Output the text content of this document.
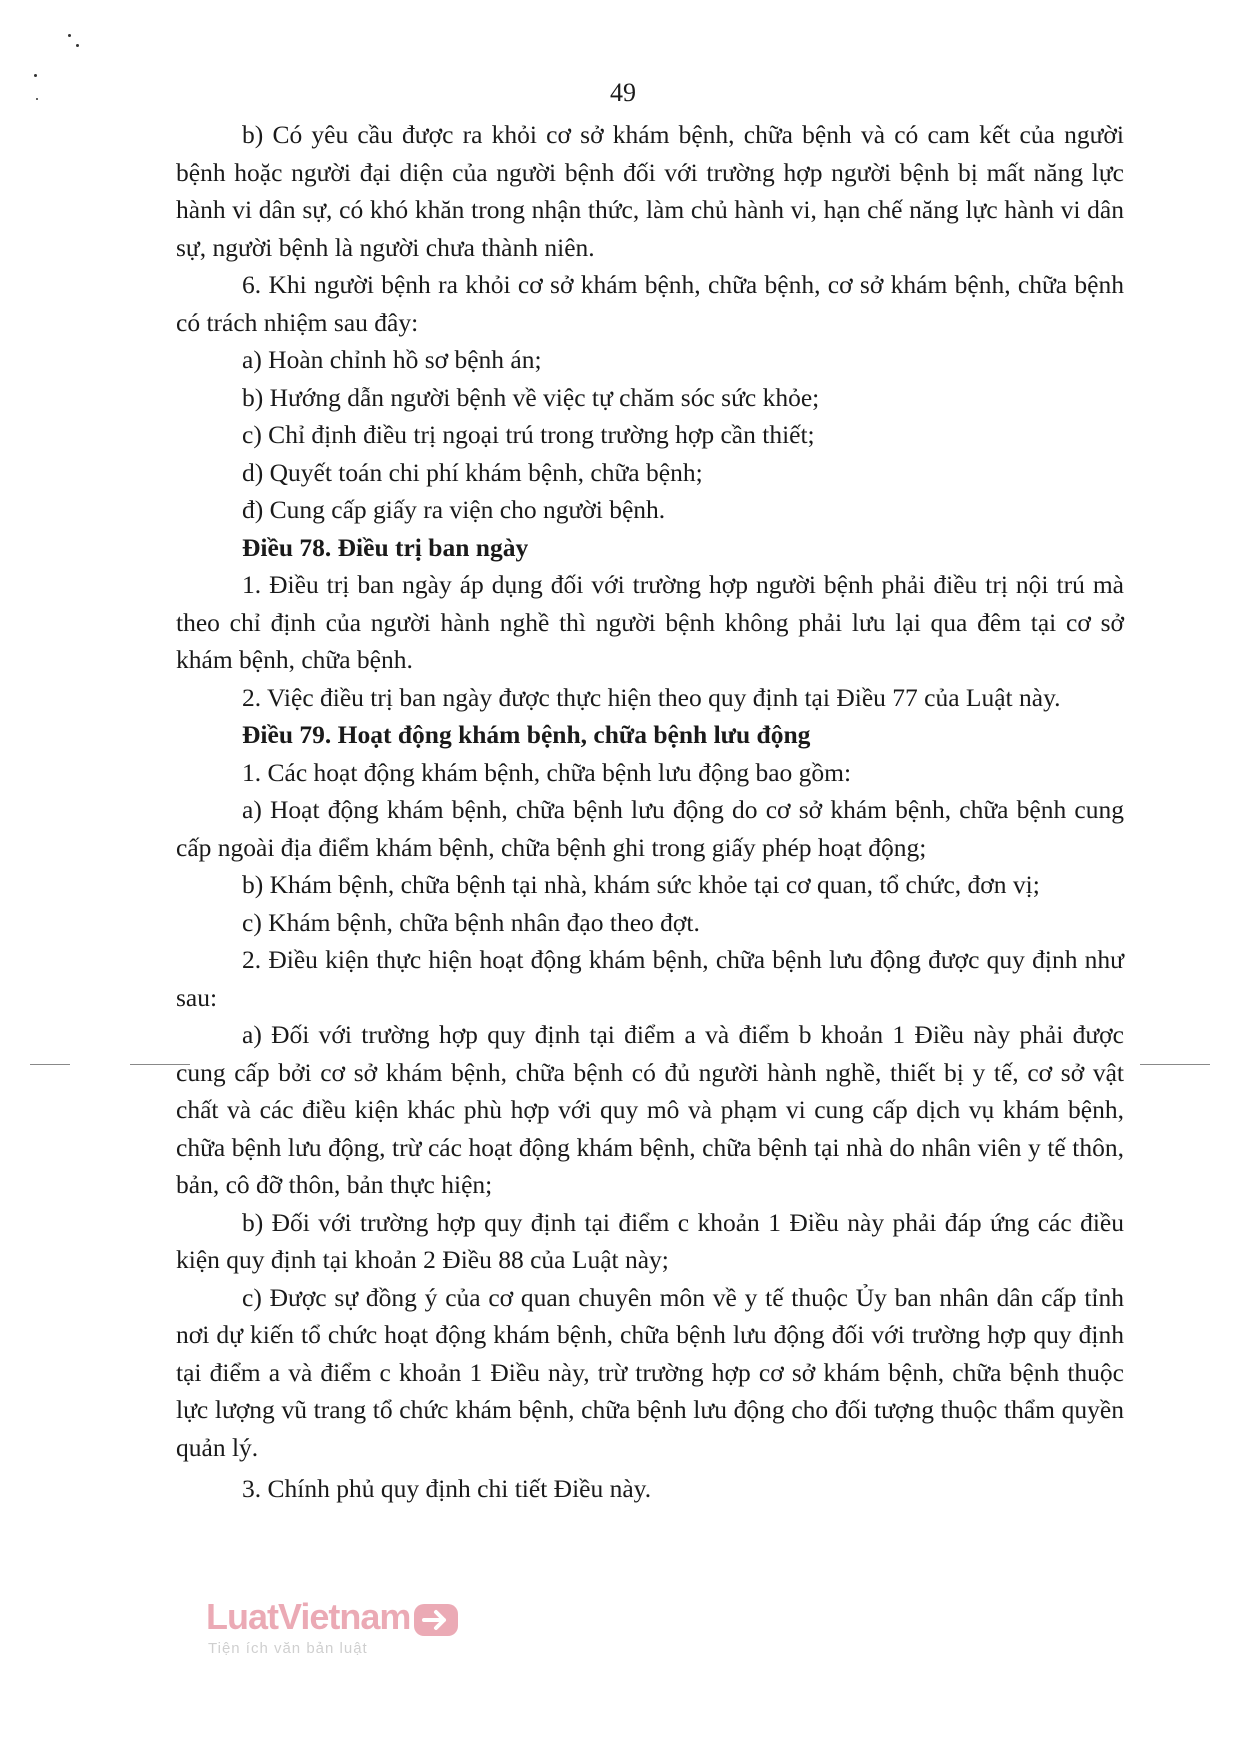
49

b) Có yêu cầu được ra khỏi cơ sở khám bệnh, chữa bệnh và có cam kết của người bệnh hoặc người đại diện của người bệnh đối với trường hợp người bệnh bị mất năng lực hành vi dân sự, có khó khăn trong nhận thức, làm chủ hành vi, hạn chế năng lực hành vi dân sự, người bệnh là người chưa thành niên.

6. Khi người bệnh ra khỏi cơ sở khám bệnh, chữa bệnh, cơ sở khám bệnh, chữa bệnh có trách nhiệm sau đây:

a) Hoàn chỉnh hồ sơ bệnh án;

b) Hướng dẫn người bệnh về việc tự chăm sóc sức khỏe;

c) Chỉ định điều trị ngoại trú trong trường hợp cần thiết;

d) Quyết toán chi phí khám bệnh, chữa bệnh;

đ) Cung cấp giấy ra viện cho người bệnh.

Điều 78. Điều trị ban ngày

1. Điều trị ban ngày áp dụng đối với trường hợp người bệnh phải điều trị nội trú mà theo chỉ định của người hành nghề thì người bệnh không phải lưu lại qua đêm tại cơ sở khám bệnh, chữa bệnh.

2. Việc điều trị ban ngày được thực hiện theo quy định tại Điều 77 của Luật này.

Điều 79. Hoạt động khám bệnh, chữa bệnh lưu động

1. Các hoạt động khám bệnh, chữa bệnh lưu động bao gồm:

a) Hoạt động khám bệnh, chữa bệnh lưu động do cơ sở khám bệnh, chữa bệnh cung cấp ngoài địa điểm khám bệnh, chữa bệnh ghi trong giấy phép hoạt động;

b) Khám bệnh, chữa bệnh tại nhà, khám sức khỏe tại cơ quan, tổ chức, đơn vị;

c) Khám bệnh, chữa bệnh nhân đạo theo đợt.

2. Điều kiện thực hiện hoạt động khám bệnh, chữa bệnh lưu động được quy định như sau:

a) Đối với trường hợp quy định tại điểm a và điểm b khoản 1 Điều này phải được cung cấp bởi cơ sở khám bệnh, chữa bệnh có đủ người hành nghề, thiết bị y tế, cơ sở vật chất và các điều kiện khác phù hợp với quy mô và phạm vi cung cấp dịch vụ khám bệnh, chữa bệnh lưu động, trừ các hoạt động khám bệnh, chữa bệnh tại nhà do nhân viên y tế thôn, bản, cô đỡ thôn, bản thực hiện;

b) Đối với trường hợp quy định tại điểm c khoản 1 Điều này phải đáp ứng các điều kiện quy định tại khoản 2 Điều 88 của Luật này;

c) Được sự đồng ý của cơ quan chuyên môn về y tế thuộc Ủy ban nhân dân cấp tỉnh nơi dự kiến tổ chức hoạt động khám bệnh, chữa bệnh lưu động đối với trường hợp quy định tại điểm a và điểm c khoản 1 Điều này, trừ trường hợp cơ sở khám bệnh, chữa bệnh thuộc lực lượng vũ trang tổ chức khám bệnh, chữa bệnh lưu động cho đối tượng thuộc thẩm quyền quản lý.

3. Chính phủ quy định chi tiết Điều này.

LuatVietnam
Tiện ích văn bản luật
